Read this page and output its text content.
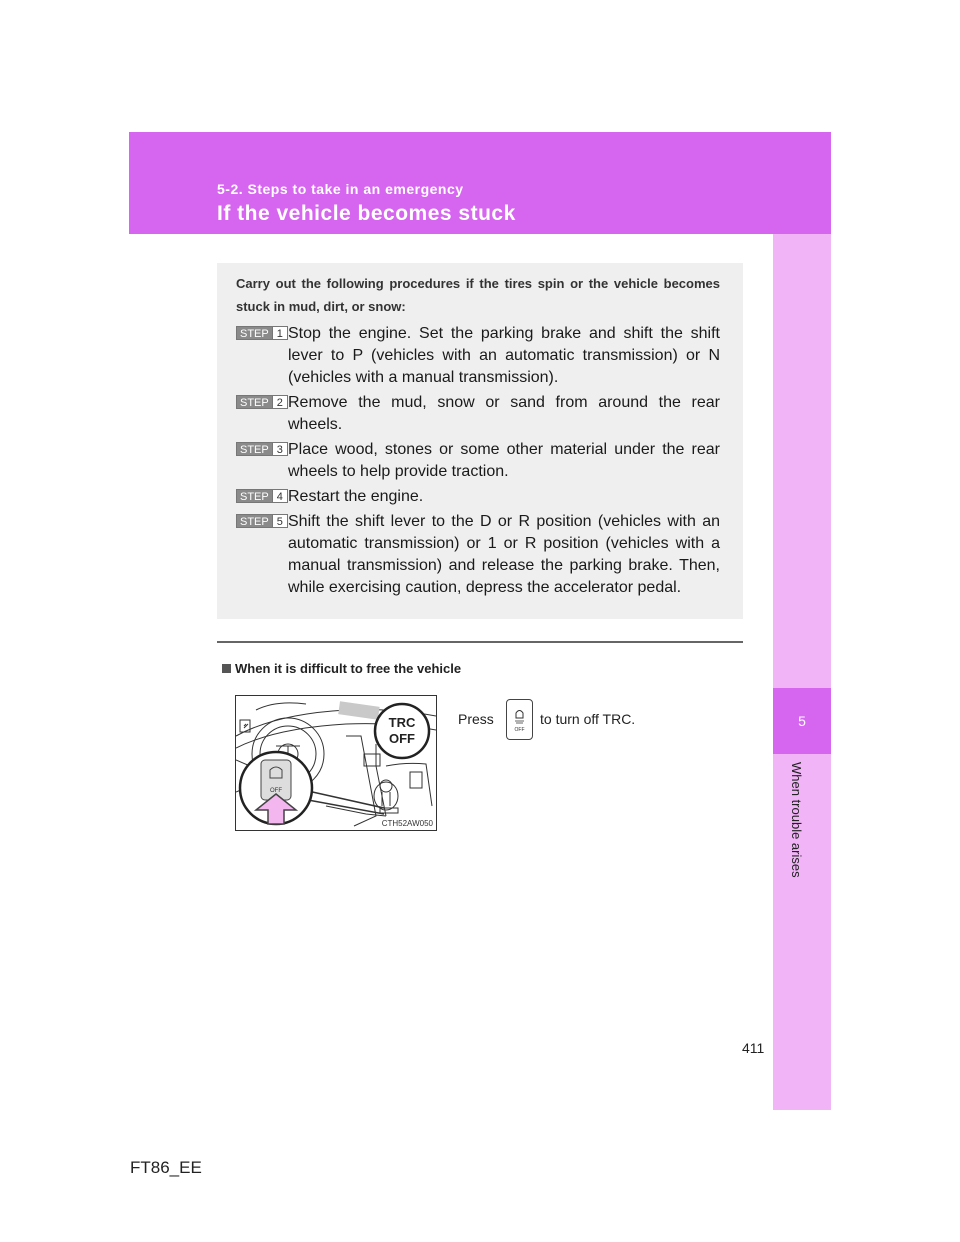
5-2. Steps to take in an emergency
If the vehicle becomes stuck
5
When trouble arises
Carry out the following procedures if the tires spin or the vehicle becomes stuck in mud, dirt, or snow:
STEP 1 Stop the engine. Set the parking brake and shift the shift lever to P (vehicles with an automatic transmission) or N (vehicles with a manual transmission).
STEP 2 Remove the mud, snow or sand from around the rear wheels.
STEP 3 Place wood, stones or some other material under the rear wheels to help provide traction.
STEP 4 Restart the engine.
STEP 5 Shift the shift lever to the D or R position (vehicles with an automatic transmission) or 1 or R position (vehicles with a manual transmission) and release the parking brake. Then, while exercising caution, depress the accelerator pedal.
When it is difficult to free the vehicle
TRC
OFF
OFF
CTH52AW050
Press
OFF
to turn off TRC.
411
FT86_EE
